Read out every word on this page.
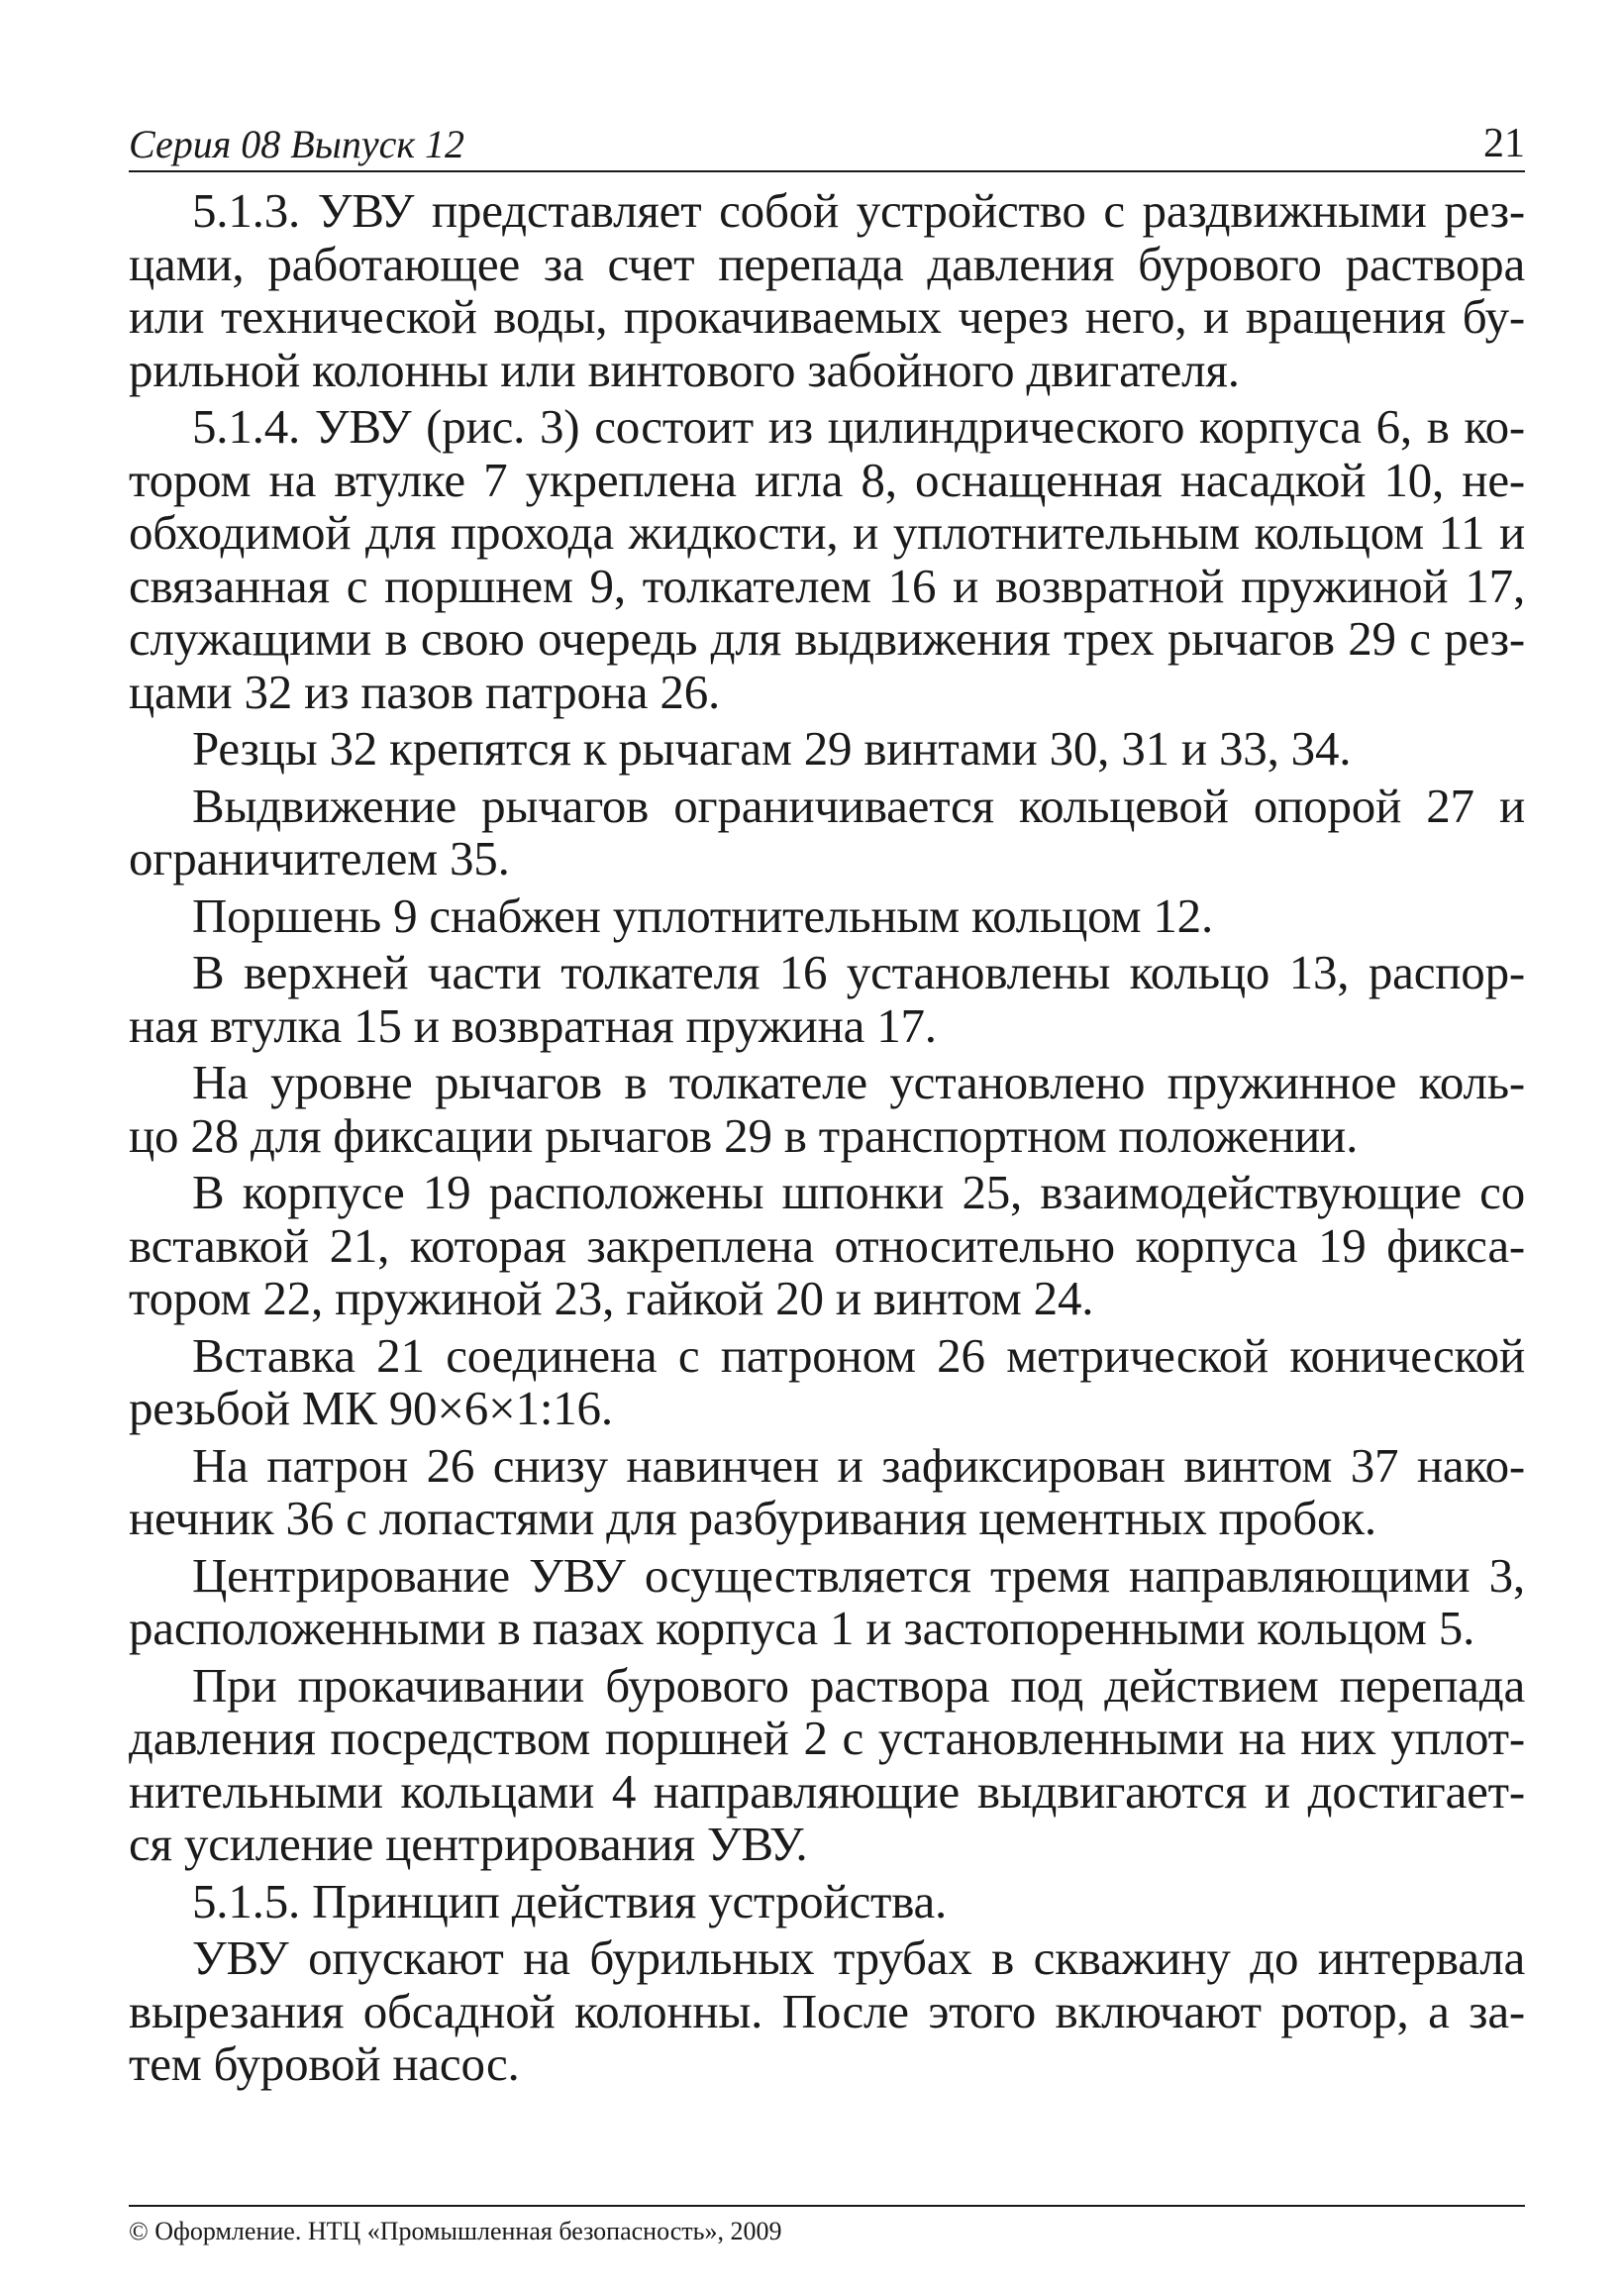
Серия 08 Выпуск 12	21

5.1.3. УВУ представляет собой устройство с раздвижными рез-
цами, работающее за счет перепада давления бурового раствора
или технической воды, прокачиваемых через него, и вращения бу-
рильной колонны или винтового забойного двигателя.

5.1.4. УВУ (рис. 3) состоит из цилиндрического корпуса 6, в ко-
тором на втулке 7 укреплена игла 8, оснащенная насадкой 10, не-
обходимой для прохода жидкости, и уплотнительным кольцом 11 и
связанная с поршнем 9, толкателем 16 и возвратной пружиной 17,
служащими в свою очередь для выдвижения трех рычагов 29 с рез-
цами 32 из пазов патрона 26.

Резцы 32 крепятся к рычагам 29 винтами 30, 31 и 33, 34.

Выдвижение рычагов ограничивается кольцевой опорой 27 и
ограничителем 35.

Поршень 9 снабжен уплотнительным кольцом 12.

В верхней части толкателя 16 установлены кольцо 13, распор-
ная втулка 15 и возвратная пружина 17.

На уровне рычагов в толкателе установлено пружинное коль-
цо 28 для фиксации рычагов 29 в транспортном положении.

В корпусе 19 расположены шпонки 25, взаимодействующие со
вставкой 21, которая закреплена относительно корпуса 19 фикса-
тором 22, пружиной 23, гайкой 20 и винтом 24.

Вставка 21 соединена с патроном 26 метрической конической
резьбой МК 90×6×1:16.

На патрон 26 снизу навинчен и зафиксирован винтом 37 нако-
нечник 36 с лопастями для разбуривания цементных пробок.

Центрирование УВУ осуществляется тремя направляющими 3,
расположенными в пазах корпуса 1 и застопоренными кольцом 5.

При прокачивании бурового раствора под действием перепада
давления посредством поршней 2 с установленными на них уплот-
нительными кольцами 4 направляющие выдвигаются и достигает-
ся усиление центрирования УВУ.

5.1.5. Принцип действия устройства.

УВУ опускают на бурильных трубах в скважину до интервала
вырезания обсадной колонны. После этого включают ротор, а за-
тем буровой насос.

© Оформление. НТЦ «Промышленная безопасность», 2009
